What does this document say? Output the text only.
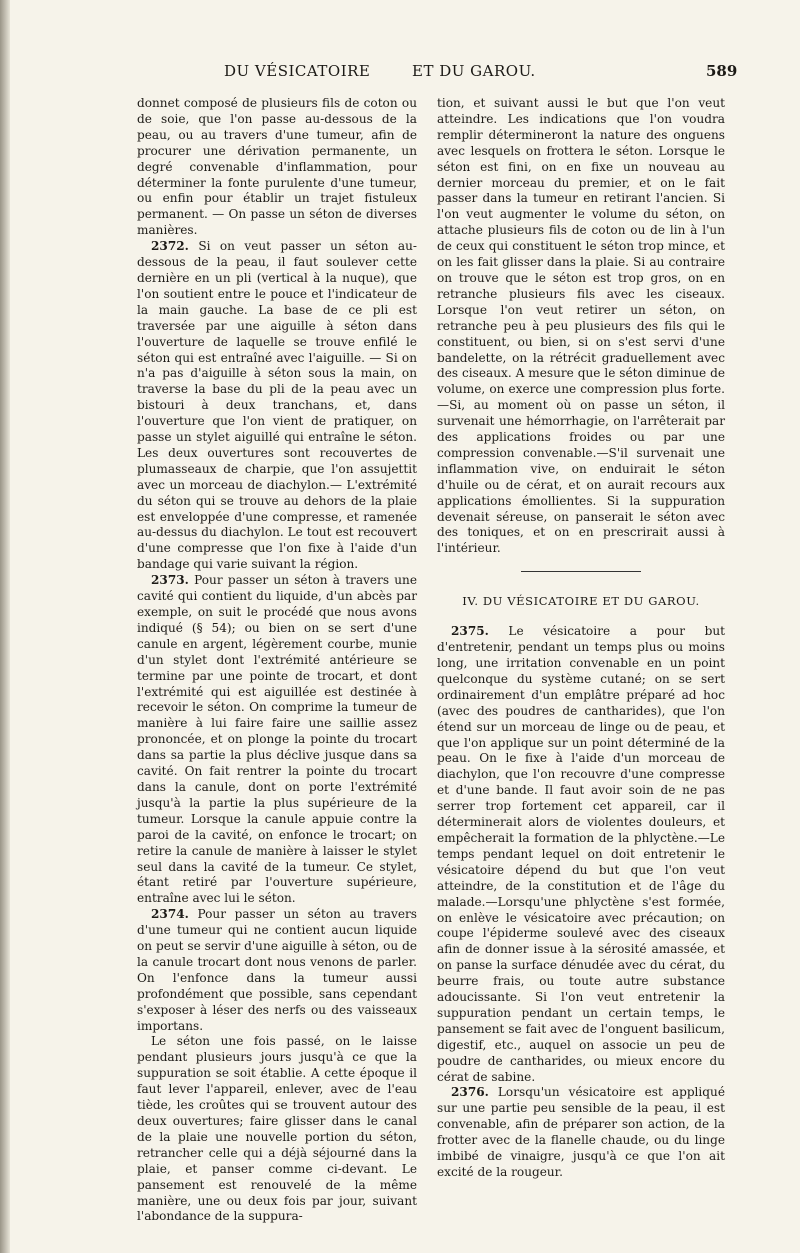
DU VÉSICATOIRE	ET DU GAROU.	589

donnet composé de plusieurs fils de coton ou de soie, que l'on passe au-dessous de la peau, ou au travers d'une tumeur, afin de procurer une dérivation permanente, un degré convenable d'inflammation, pour déterminer la fonte purulente d'une tumeur, ou enfin pour établir un trajet fistuleux permanent. — On passe un séton de diverses manières.

2372. Si on veut passer un séton au-dessous de la peau, il faut soulever cette dernière en un pli (vertical à la nuque), que l'on soutient entre le pouce et l'indicateur de la main gauche. La base de ce pli est traversée par une aiguille à séton dans l'ouverture de laquelle se trouve enfilé le séton qui est entraîné avec l'aiguille. — Si on n'a pas d'aiguille à séton sous la main, on traverse la base du pli de la peau avec un bistouri à deux tranchans, et, dans l'ouverture que l'on vient de pratiquer, on passe un stylet aiguillé qui entraîne le séton. Les deux ouvertures sont recouvertes de plumasseaux de charpie, que l'on assujettit avec un morceau de diachylon.— L'extrémité du séton qui se trouve au dehors de la plaie est enveloppée d'une compresse, et ramenée au-dessus du diachylon. Le tout est recouvert d'une compresse que l'on fixe à l'aide d'un bandage qui varie suivant la région.

2373. Pour passer un séton à travers une cavité qui contient du liquide, d'un abcès par exemple, on suit le procédé que nous avons indiqué (§ 54); ou bien on se sert d'une canule en argent, légèrement courbe, munie d'un stylet dont l'extrémité antérieure se termine par une pointe de trocart, et dont l'extrémité qui est aiguillée est destinée à recevoir le séton. On comprime la tumeur de manière à lui faire faire une saillie assez prononcée, et on plonge la pointe du trocart dans sa partie la plus déclive jusque dans sa cavité. On fait rentrer la pointe du trocart dans la canule, dont on porte l'extrémité jusqu'à la partie la plus supérieure de la tumeur. Lorsque la canule appuie contre la paroi de la cavité, on enfonce le trocart; on retire la canule de manière à laisser le stylet seul dans la cavité de la tumeur. Ce stylet, étant retiré par l'ouverture supérieure, entraîne avec lui le séton.

2374. Pour passer un séton au travers d'une tumeur qui ne contient aucun liquide on peut se servir d'une aiguille à séton, ou de la canule trocart dont nous venons de parler. On l'enfonce dans la tumeur aussi profondément que possible, sans cependant s'exposer à léser des nerfs ou des vaisseaux importans.

Le séton une fois passé, on le laisse pendant plusieurs jours jusqu'à ce que la suppuration se soit établie. A cette époque il faut lever l'appareil, enlever, avec de l'eau tiède, les croûtes qui se trouvent autour des deux ouvertures; faire glisser dans le canal de la plaie une nouvelle portion du séton, retrancher celle qui a déjà séjourné dans la plaie, et panser comme ci-devant. Le pansement est renouvelé de la même manière, une ou deux fois par jour, suivant l'abondance de la suppura-

tion, et suivant aussi le but que l'on veut atteindre. Les indications que l'on voudra remplir détermineront la nature des onguens avec lesquels on frottera le séton. Lorsque le séton est fini, on en fixe un nouveau au dernier morceau du premier, et on le fait passer dans la tumeur en retirant l'ancien. Si l'on veut augmenter le volume du séton, on attache plusieurs fils de coton ou de lin à l'un de ceux qui constituent le séton trop mince, et on les fait glisser dans la plaie. Si au contraire on trouve que le séton est trop gros, on en retranche plusieurs fils avec les ciseaux. Lorsque l'on veut retirer un séton, on retranche peu à peu plusieurs des fils qui le constituent, ou bien, si on s'est servi d'une bandelette, on la rétrécit graduellement avec des ciseaux. A mesure que le séton diminue de volume, on exerce une compression plus forte.—Si, au moment où on passe un séton, il survenait une hémorrhagie, on l'arrêterait par des applications froides ou par une compression convenable.—S'il survenait une inflammation vive, on enduirait le séton d'huile ou de cérat, et on aurait recours aux applications émollientes. Si la suppuration devenait séreuse, on panserait le séton avec des toniques, et on en prescrirait aussi à l'intérieur.

IV. DU VÉSICATOIRE ET DU GAROU.

2375. Le vésicatoire a pour but d'entretenir, pendant un temps plus ou moins long, une irritation convenable en un point quelconque du système cutané; on se sert ordinairement d'un emplâtre préparé ad hoc (avec des poudres de cantharides), que l'on étend sur un morceau de linge ou de peau, et que l'on applique sur un point déterminé de la peau. On le fixe à l'aide d'un morceau de diachylon, que l'on recouvre d'une compresse et d'une bande. Il faut avoir soin de ne pas serrer trop fortement cet appareil, car il déterminerait alors de violentes douleurs, et empêcherait la formation de la phlyctène.—Le temps pendant lequel on doit entretenir le vésicatoire dépend du but que l'on veut atteindre, de la constitution et de l'âge du malade.—Lorsqu'une phlyctène s'est formée, on enlève le vésicatoire avec précaution; on coupe l'épiderme soulevé avec des ciseaux afin de donner issue à la sérosité amassée, et on panse la surface dénudée avec du cérat, du beurre frais, ou toute autre substance adoucissante. Si l'on veut entretenir la suppuration pendant un certain temps, le pansement se fait avec de l'onguent basilicum, digestif, etc., auquel on associe un peu de poudre de cantharides, ou mieux encore du cérat de sabine.

2376. Lorsqu'un vésicatoire est appliqué sur une partie peu sensible de la peau, il est convenable, afin de préparer son action, de la frotter avec de la flanelle chaude, ou du linge imbibé de vinaigre, jusqu'à ce que l'on ait excité de la rougeur.
